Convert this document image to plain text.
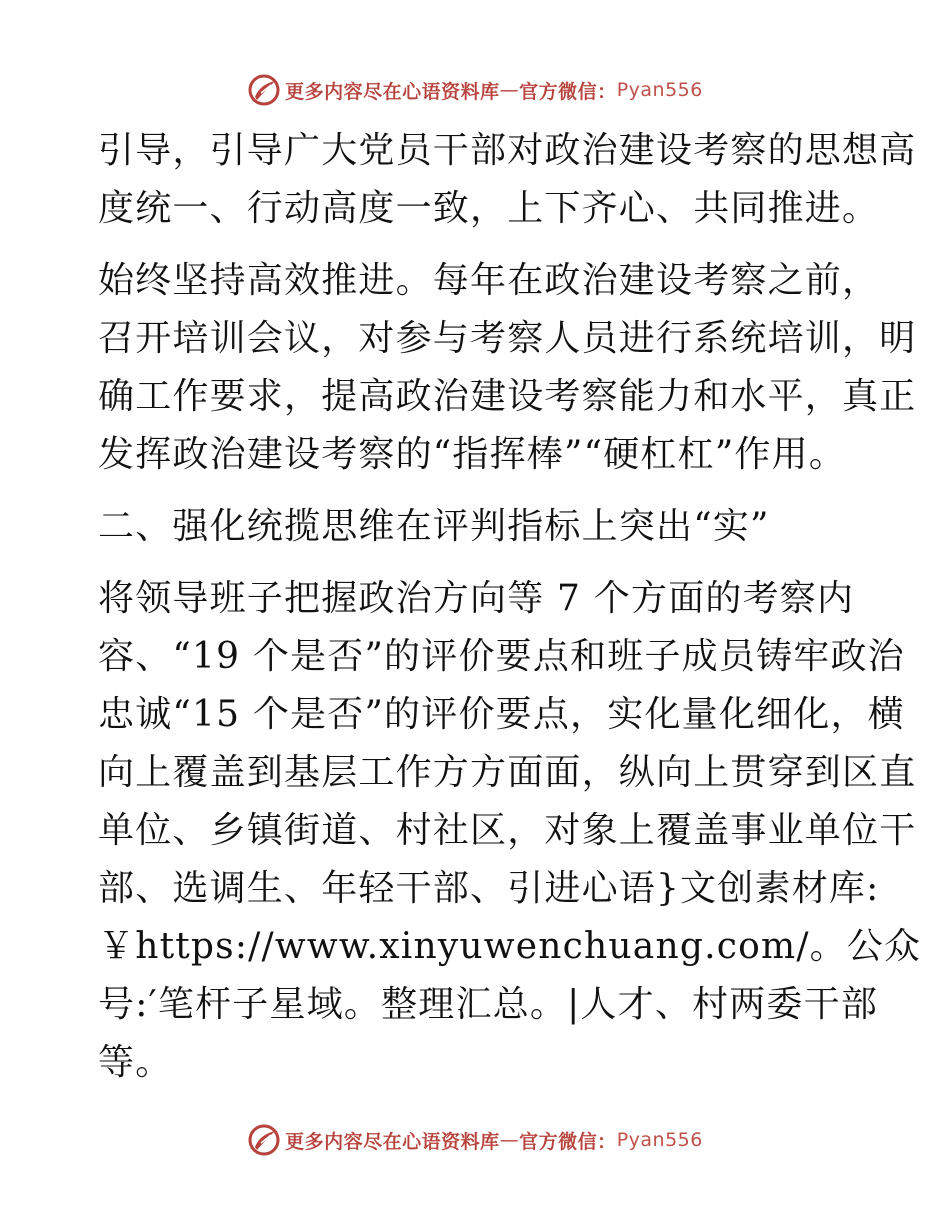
更多内容尽在心语资料库 — 官方微信： Pyan556
引导，引导广大党员干部对政治建设考察的思想高
度统一、行动高度一致，上下齐心、共同推进。
始终坚持高效推进。每年在政治建设考察之前，
召开培训会议，对参与考察人员进行系统培训，明
确工作要求，提高政治建设考察能力和水平，真正
发挥政治建设考察的“指挥棒”“硬杠杠”作用。
二、强化统揽思维在评判指标上突出“实”
将领导班子把握政治方向等 7 个方面的考察内
容、“19 个是否”的评价要点和班子成员铸牢政治
忠诚“15 个是否”的评价要点，实化量化细化，横
向上覆盖到基层工作方方面面，纵向上贯穿到区直
单位、乡镇街道、村社区，对象上覆盖事业单位干
部、选调生、年轻干部、引进心语}文创素材库:
￥https://www.xinyuwenchuang.com/。公众
号:′笔杆子星域。整理汇总。|人才、村两委干部
等。
更多内容尽在心语资料库 — 官方微信： Pyan556
